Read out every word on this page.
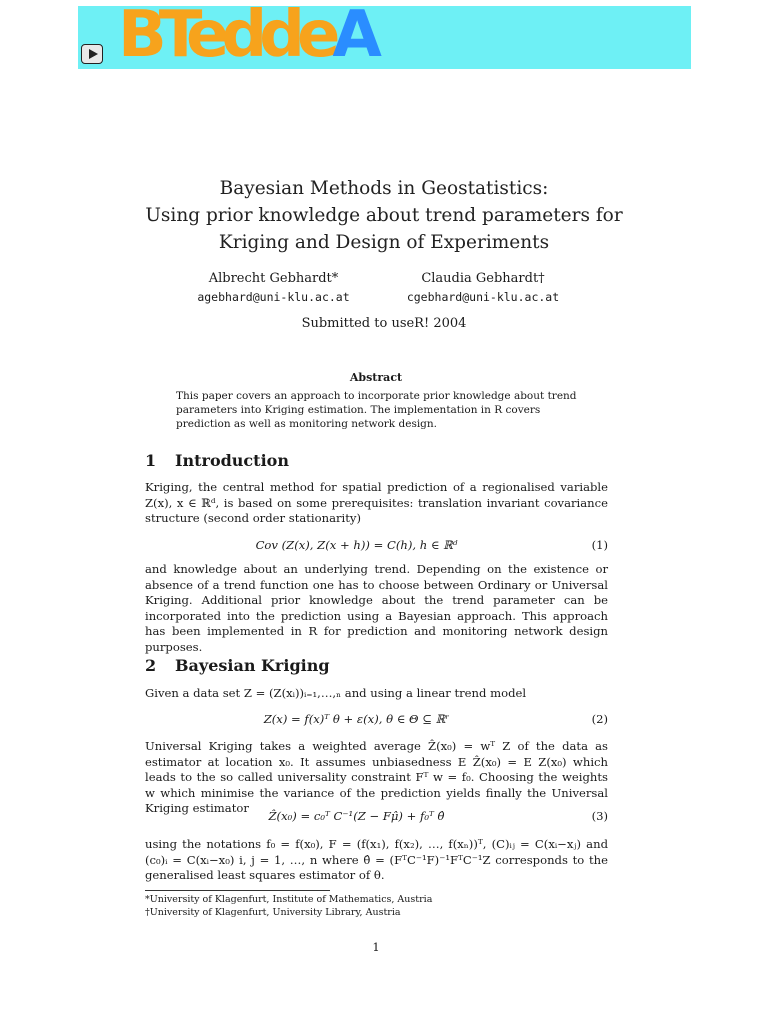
BTeddeA
Bayesian Methods in Geostatistics:
Using prior knowledge about trend parameters for
Kriging and Design of Experiments
Albrecht Gebhardt*
agebhard@uni-klu.ac.at
Claudia Gebhardt†
cgebhard@uni-klu.ac.at
Submitted to useR! 2004
Abstract
This paper covers an approach to incorporate prior knowledge about trend parameters into Kriging estimation. The implementation in R covers prediction as well as monitoring network design.
1 Introduction
Kriging, the central method for spatial prediction of a regionalised variable Z(x), x ∈ ℝᵈ, is based on some prerequisites: translation invariant covariance structure (second order stationarity)
Cov (Z(x), Z(x + h)) = C(h), h ∈ ℝᵈ	(1)
and knowledge about an underlying trend. Depending on the existence or absence of a trend function one has to choose between Ordinary or Universal Kriging. Additional prior knowledge about the trend parameter can be incorporated into the prediction using a Bayesian approach. This approach has been implemented in R for prediction and monitoring network design purposes.
2 Bayesian Kriging
Given a data set Z = (Z(xᵢ))ᵢ₌₁,…,ₙ and using a linear trend model
Z(x) = f(x)ᵀ θ + ε(x), θ ∈ Θ ⊆ ℝʳ	(2)
Universal Kriging takes a weighted average Ẑ(x₀) = wᵀ Z of the data as estimator at location x₀. It assumes unbiasedness E Ẑ(x₀) = E Z(x₀) which leads to the so called universality constraint Fᵀ w = f₀. Choosing the weights w which minimise the variance of the prediction yields finally the Universal Kriging estimator
Ẑ(x₀) = c₀ᵀ C⁻¹(Z − Fμ̂) + f₀ᵀ θ̂	(3)
using the notations f₀ = f(x₀), F = (f(x₁), f(x₂), …, f(xₙ))ᵀ, (C)ᵢⱼ = C(xᵢ−xⱼ) and (c₀)ᵢ = C(xᵢ−x₀) i, j = 1, …, n where θ̂ = (FᵀC⁻¹F)⁻¹FᵀC⁻¹Z corresponds to the generalised least squares estimator of θ.
*University of Klagenfurt, Institute of Mathematics, Austria
†University of Klagenfurt, University Library, Austria
1
